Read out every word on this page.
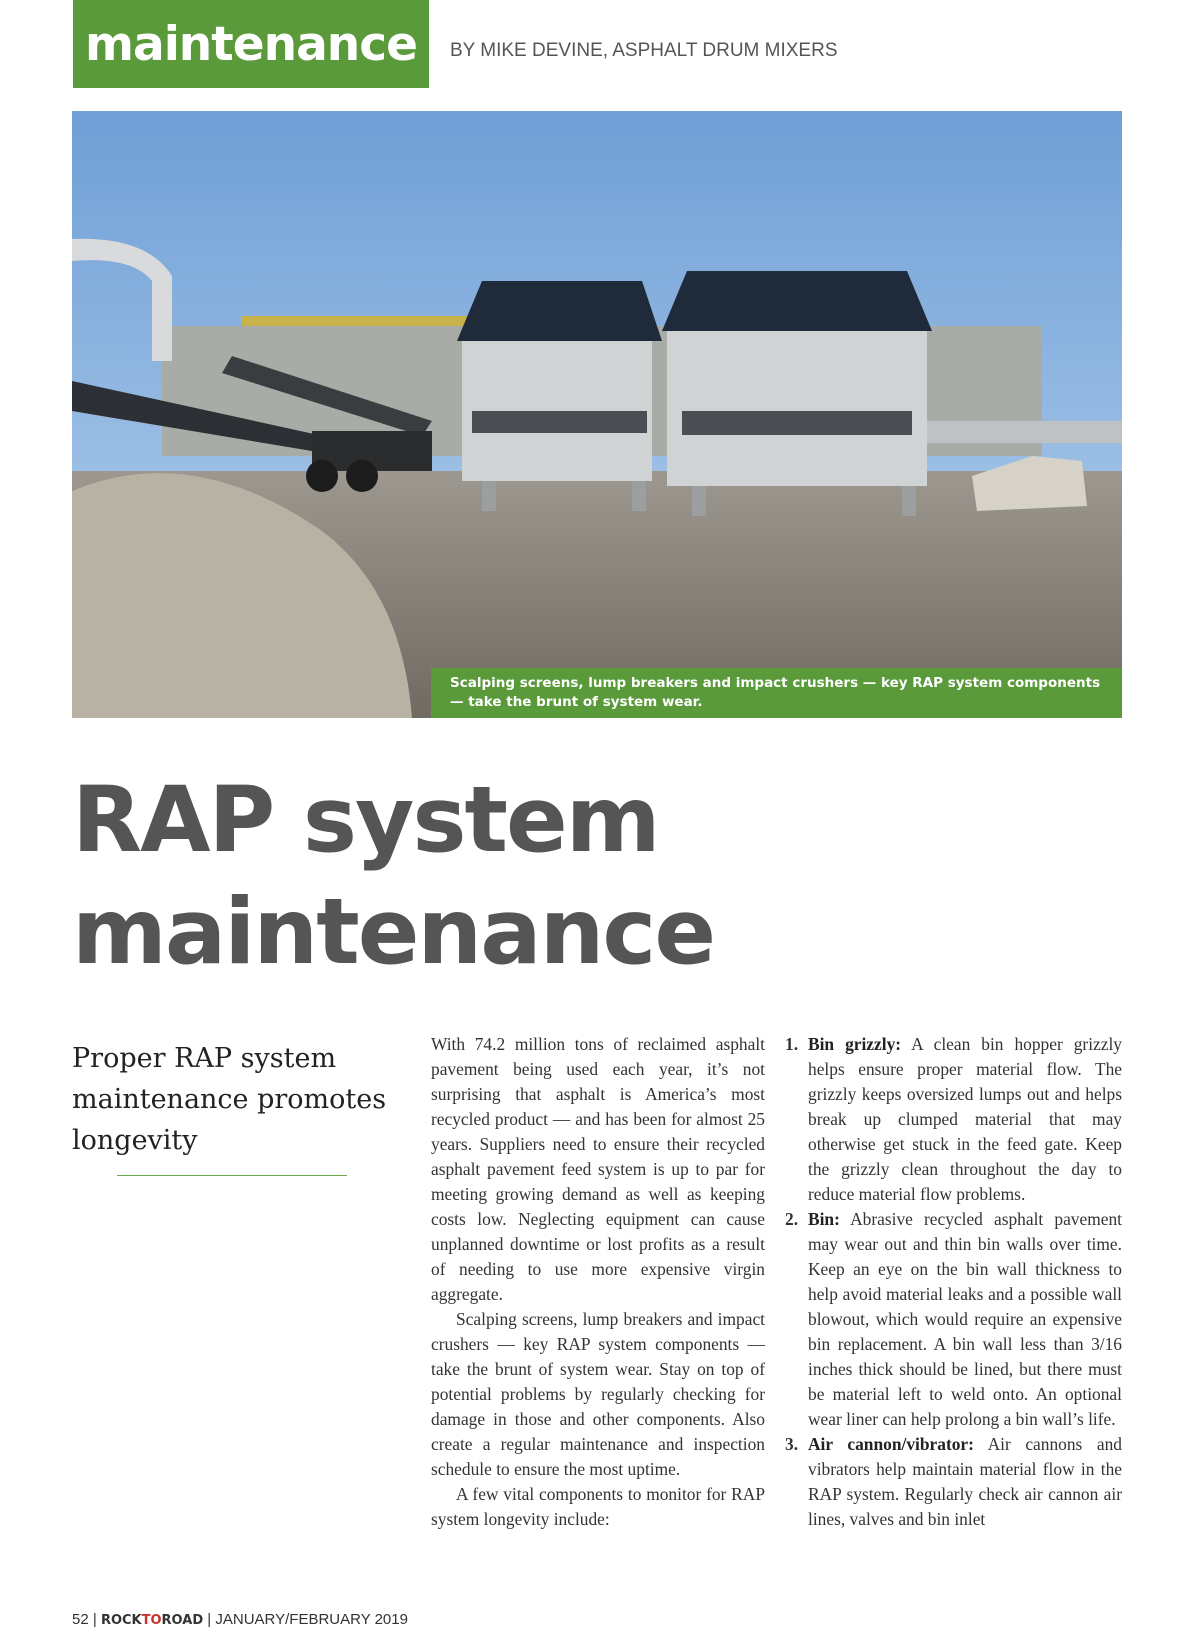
maintenance	BY MIKE DEVINE, ASPHALT DRUM MIXERS
Scalping screens, lump breakers and impact crushers — key RAP system components — take the brunt of system wear.
RAP system
maintenance
Proper RAP system maintenance promotes longevity

With 74.2 million tons of reclaimed asphalt pavement being used each year, it’s not surprising that asphalt is America’s most recycled product — and has been for almost 25 years. Suppliers need to ensure their recycled asphalt pavement feed system is up to par for meeting growing demand as well as keeping costs low. Neglecting equipment can cause unplanned downtime or lost profits as a result of needing to use more expensive virgin aggregate.

Scalping screens, lump breakers and impact crushers — key RAP system components — take the brunt of system wear. Stay on top of potential problems by regularly checking for damage in those and other components. Also create a regular maintenance and inspection schedule to ensure the most uptime.

A few vital components to monitor for RAP system longevity include:

1. Bin grizzly: A clean bin hopper grizzly helps ensure proper material flow. The grizzly keeps oversized lumps out and helps break up clumped material that may otherwise get stuck in the feed gate. Keep the grizzly clean throughout the day to reduce material flow problems.
2. Bin: Abrasive recycled asphalt pavement may wear out and thin bin walls over time. Keep an eye on the bin wall thickness to help avoid material leaks and a possible wall blowout, which would require an expensive bin replacement. A bin wall less than 3/16 inches thick should be lined, but there must be material left to weld onto. An optional wear liner can help prolong a bin wall’s life.
3. Air cannon/vibrator: Air cannons and vibrators help maintain material flow in the RAP system. Regularly check air cannon air lines, valves and bin inlet
52 | ROCKTOROAD | JANUARY/FEBRUARY 2019
